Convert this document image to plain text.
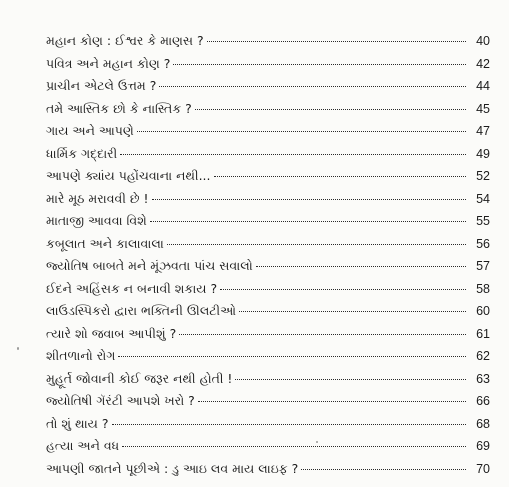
મહાન કોણ : ઈશ્વર કે માણસ ?	40
પવિત્ર અને મહાન કોણ ?	42
પ્રાચીન એટલે ઉત્તમ ?	44
તમે આસ્તિક છો કે નાસ્તિક ?	45
ગાય અને આપણે	47
ધાર્મિક ગદ્દારી	49
આપણે ક્યાંય પહોંચવાના નથી...	52
મારે મૂઠ મરાવવી છે !	54
માતાજી આવવા વિશે	55
કબૂલાત અને કાલાવાલા	56
જ્યોતિષ બાબતે મને મૂંઝવતા પાંચ સવાલો	57
ઈદને અહિંસક ન બનાવી શકાય ?	58
લાઉડસ્પિકરો દ્વારા ભક્તિની ઊલટીઓ	60
ત્યારે શો જવાબ આપીશું ?	61
શીતળાનો રોગ	62
મુહૂર્ત જોવાની કોઈ જરૂર નથી હોતી !	63
જ્યોતિષી ગૅરંટી આપશે ખરો ?	66
તો શું થાય ?	68
હત્યા અને વધ	69
આપણી જાતને પૂછીએ : ડુ આઇ લવ માય લાઇફ ?	70
